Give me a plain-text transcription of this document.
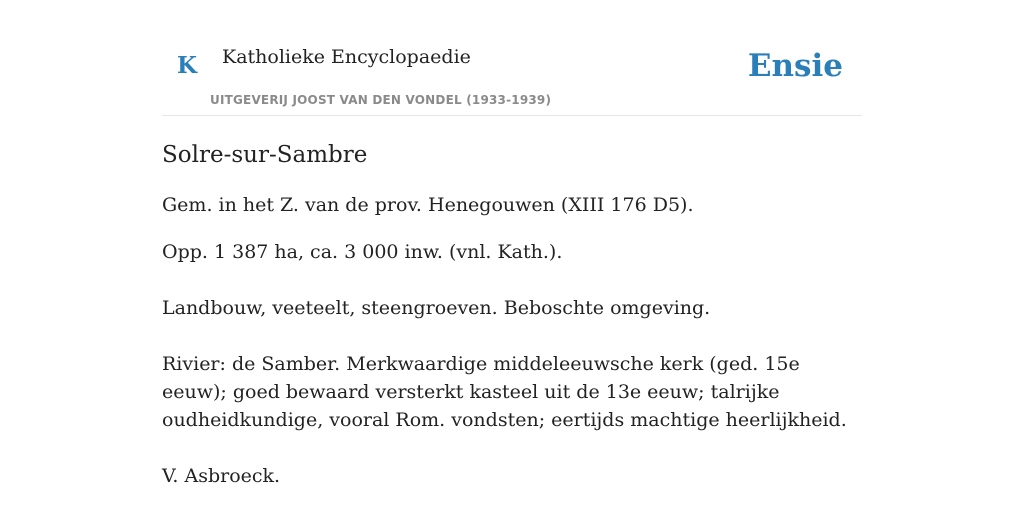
K Katholieke Encyclopaedie
UITGEVERIJ JOOST VAN DEN VONDEL (1933-1939)
Ensie
Solre-sur-Sambre

Gem. in het Z. van de prov. Henegouwen (XIII 176 D5).

Opp. 1 387 ha, ca. 3 000 inw. (vnl. Kath.).

Landbouw, veeteelt, steengroeven. Beboschte omgeving.

Rivier: de Samber. Merkwaardige middeleeuwsche kerk (ged. 15e eeuw); goed bewaard versterkt kasteel uit de 13e eeuw; talrijke oudheidkundige, vooral Rom. vondsten; eertijds machtige heerlijkheid.

V. Asbroeck.
